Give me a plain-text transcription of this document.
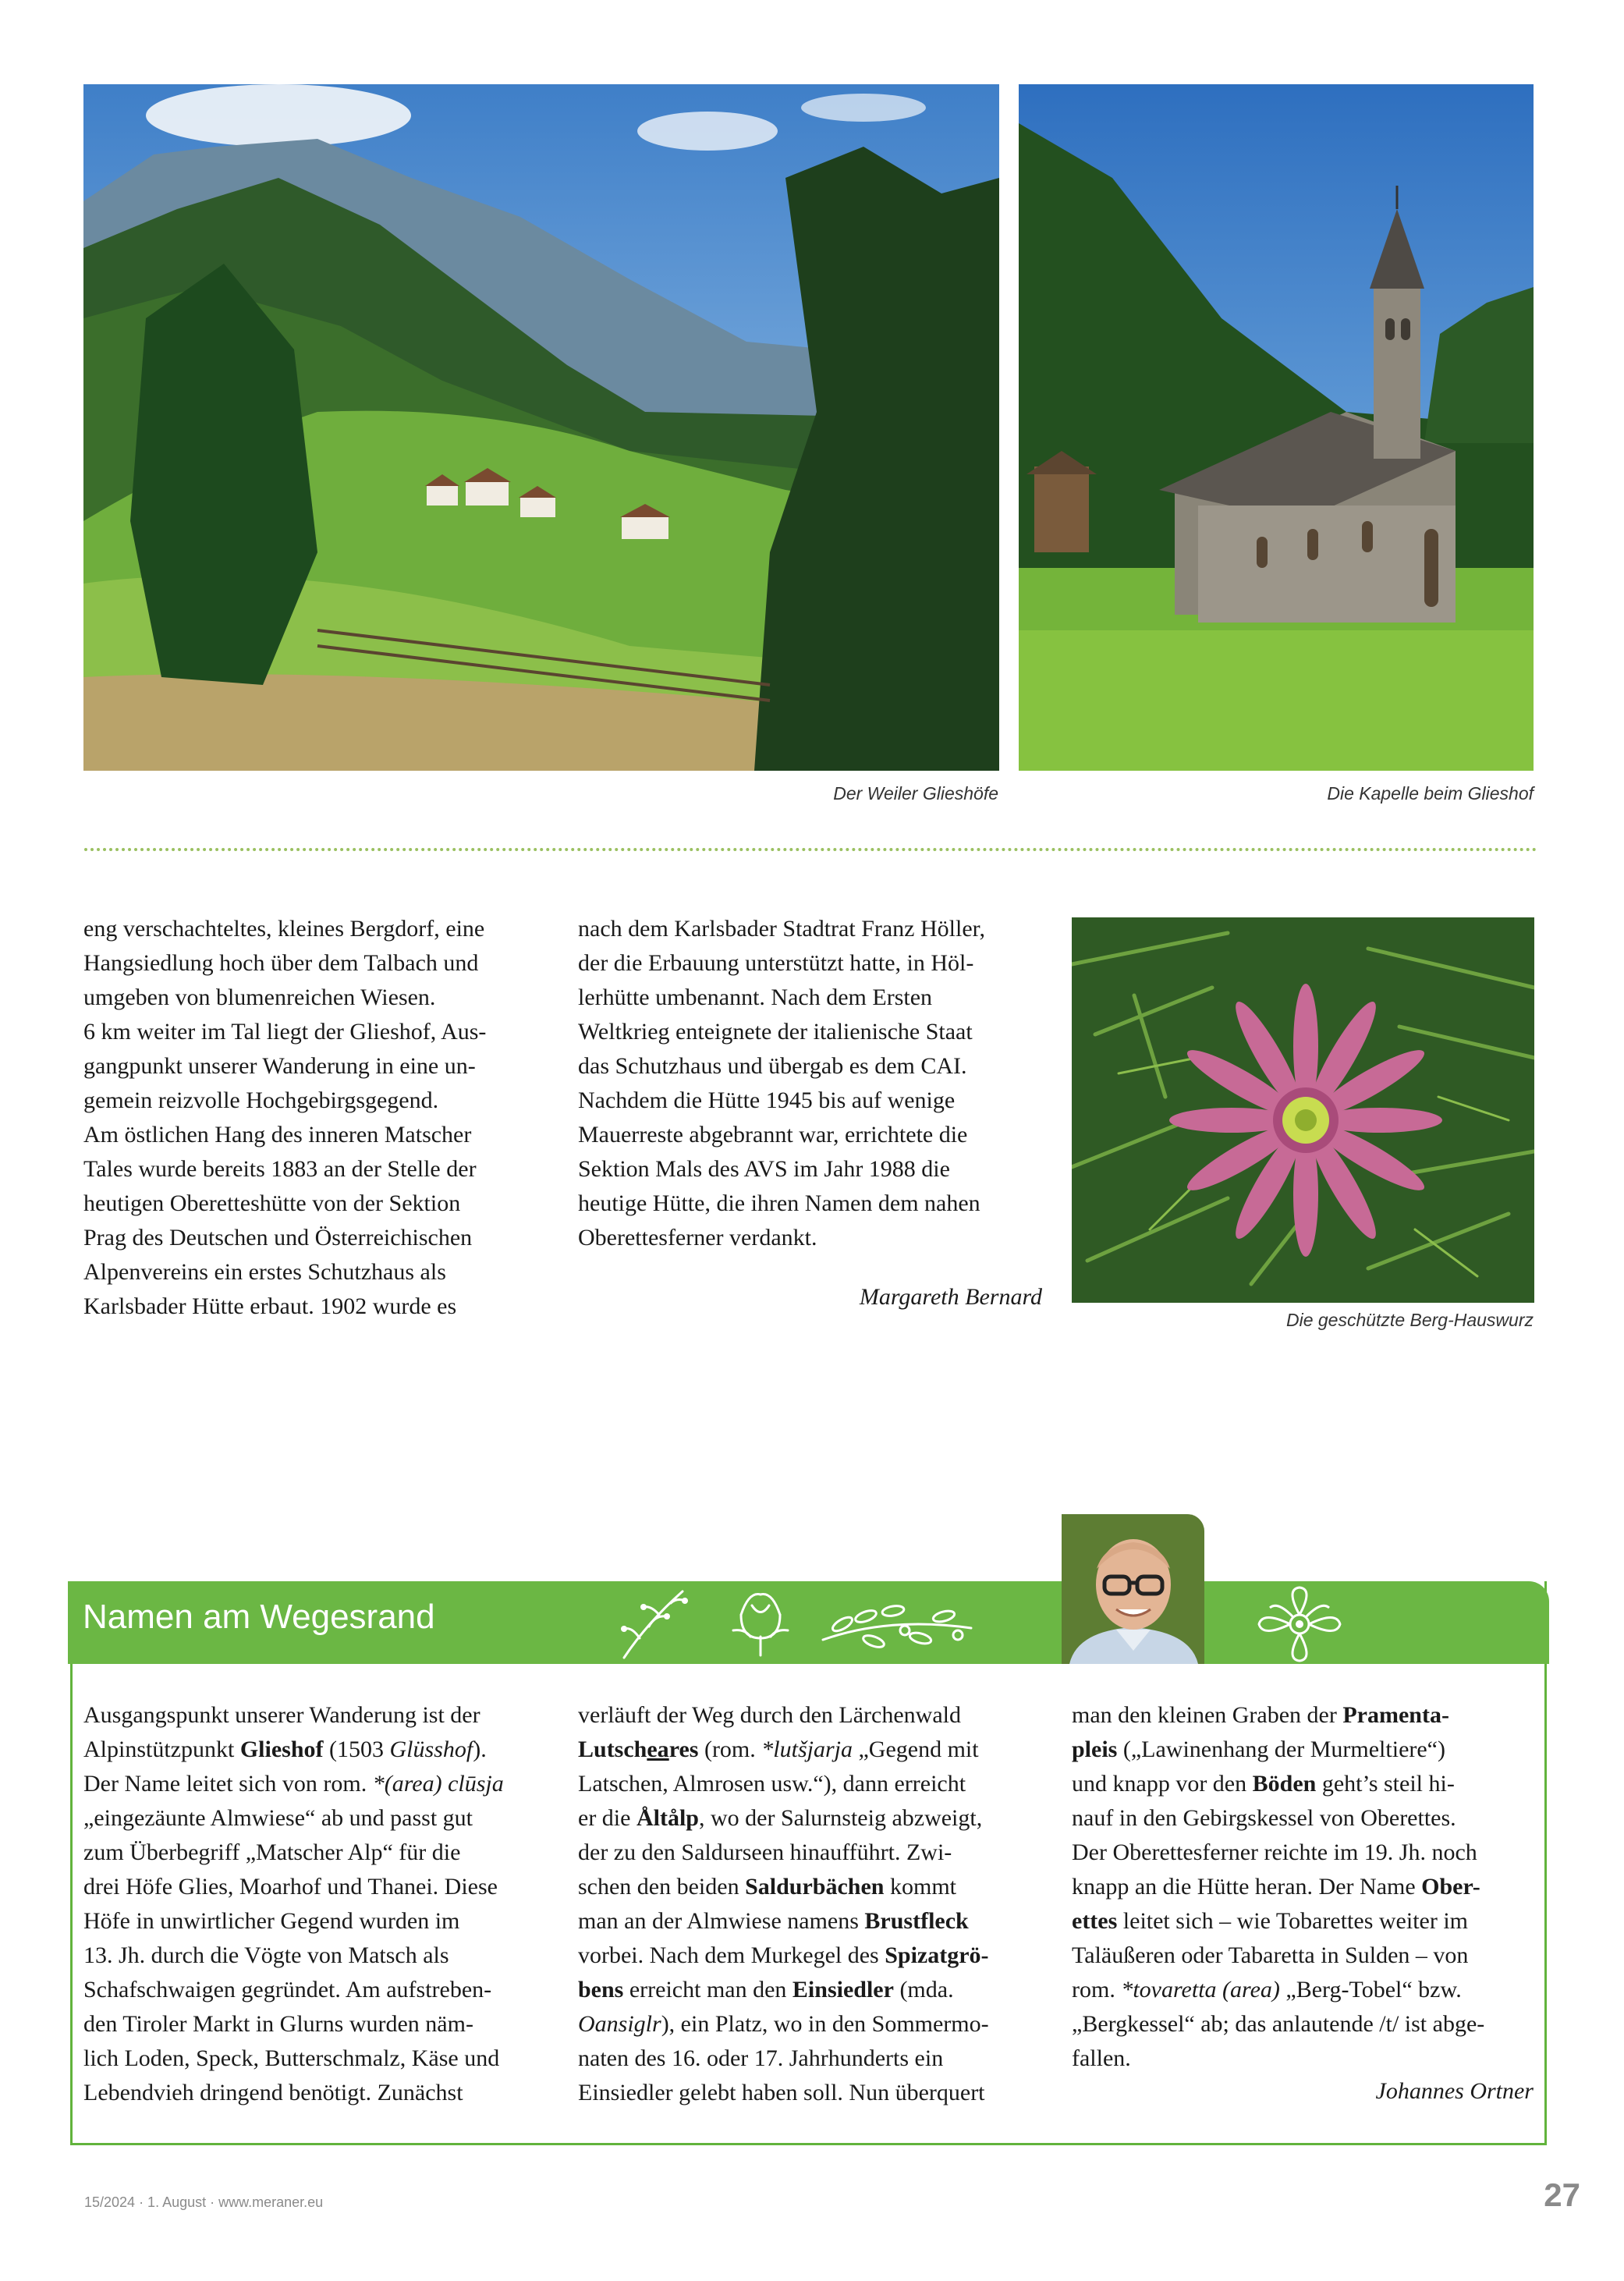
Der Weiler Glieshöfe	Die Kapelle beim Glieshof

eng verschachteltes, kleines Bergdorf, eine

Hangsiedlung hoch über dem Talbach und

umgeben von blumenreichen Wiesen.

6 km weiter im Tal liegt der Glieshof, Aus-

gangpunkt unserer Wanderung in eine un-

gemein reizvolle Hochgebirgsgegend.

Am östlichen Hang des inneren Matscher

Tales wurde bereits 1883 an der Stelle der

heutigen Oberetteshütte von der Sektion

Prag des Deutschen und Österreichischen

Alpenvereins ein erstes Schutzhaus als

Karlsbader Hütte erbaut. 1902 wurde es

nach dem Karlsbader Stadtrat Franz Höller,

der die Erbauung unterstützt hatte, in Höl-

lerhütte umbenannt. Nach dem Ersten

Weltkrieg enteignete der italienische Staat

das Schutzhaus und übergab es dem CAI.

Nachdem die Hütte 1945 bis auf wenige

Mauerreste abgebrannt war, errichtete die

Sektion Mals des AVS im Jahr 1988 die

heutige Hütte, die ihren Namen dem nahen

Oberettesferner verdankt.

Margareth Bernard
Die geschützte Berg-Hauswurz
Namen am Wegesrand

Ausgangspunkt unserer Wanderung ist der

Alpinstützpunkt Glieshof (1503 Glüsshof).

Der Name leitet sich von rom. *(area) clūsja

„eingezäunte Almwiese“ ab und passt gut

zum Überbegriff „Matscher Alp“ für die

drei Höfe Glies, Moarhof und Thanei. Diese

Höfe in unwirtlicher Gegend wurden im

13. Jh. durch die Vögte von Matsch als

Schafschwaigen gegründet. Am aufstreben-

den Tiroler Markt in Glurns wurden näm-

lich Loden, Speck, Butterschmalz, Käse und

Lebendvieh dringend benötigt. Zunächst

verläuft der Weg durch den Lärchenwald

Lutscheares (rom. *lutšjarja „Gegend mit

Latschen, Almrosen usw.“), dann erreicht

er die Åltålp, wo der Salurnsteig abzweigt,

der zu den Saldurseen hinaufführt. Zwi-

schen den beiden Saldurbächen kommt

man an der Almwiese namens Brustfleck

vorbei. Nach dem Murkegel des Spizatgrö-

bens erreicht man den Einsiedler (mda.

Oansiglr), ein Platz, wo in den Sommermo-

naten des 16. oder 17. Jahrhunderts ein

Einsiedler gelebt haben soll. Nun überquert

man den kleinen Graben der Pramenta-

pleis („Lawinenhang der Murmeltiere“)

und knapp vor den Böden geht’s steil hi-

nauf in den Gebirgskessel von Oberettes.

Der Oberettesferner reichte im 19. Jh. noch

knapp an die Hütte heran. Der Name Ober-

ettes leitet sich – wie Tobarettes weiter im

Taläußeren oder Tabaretta in Sulden – von

rom. *tovaretta (area) „Berg-Tobel“ bzw.

„Bergkessel“ ab; das anlautende /t/ ist abge-

fallen.

Johannes Ortner
15/2024 · 1. August · www.meraner.eu	27
